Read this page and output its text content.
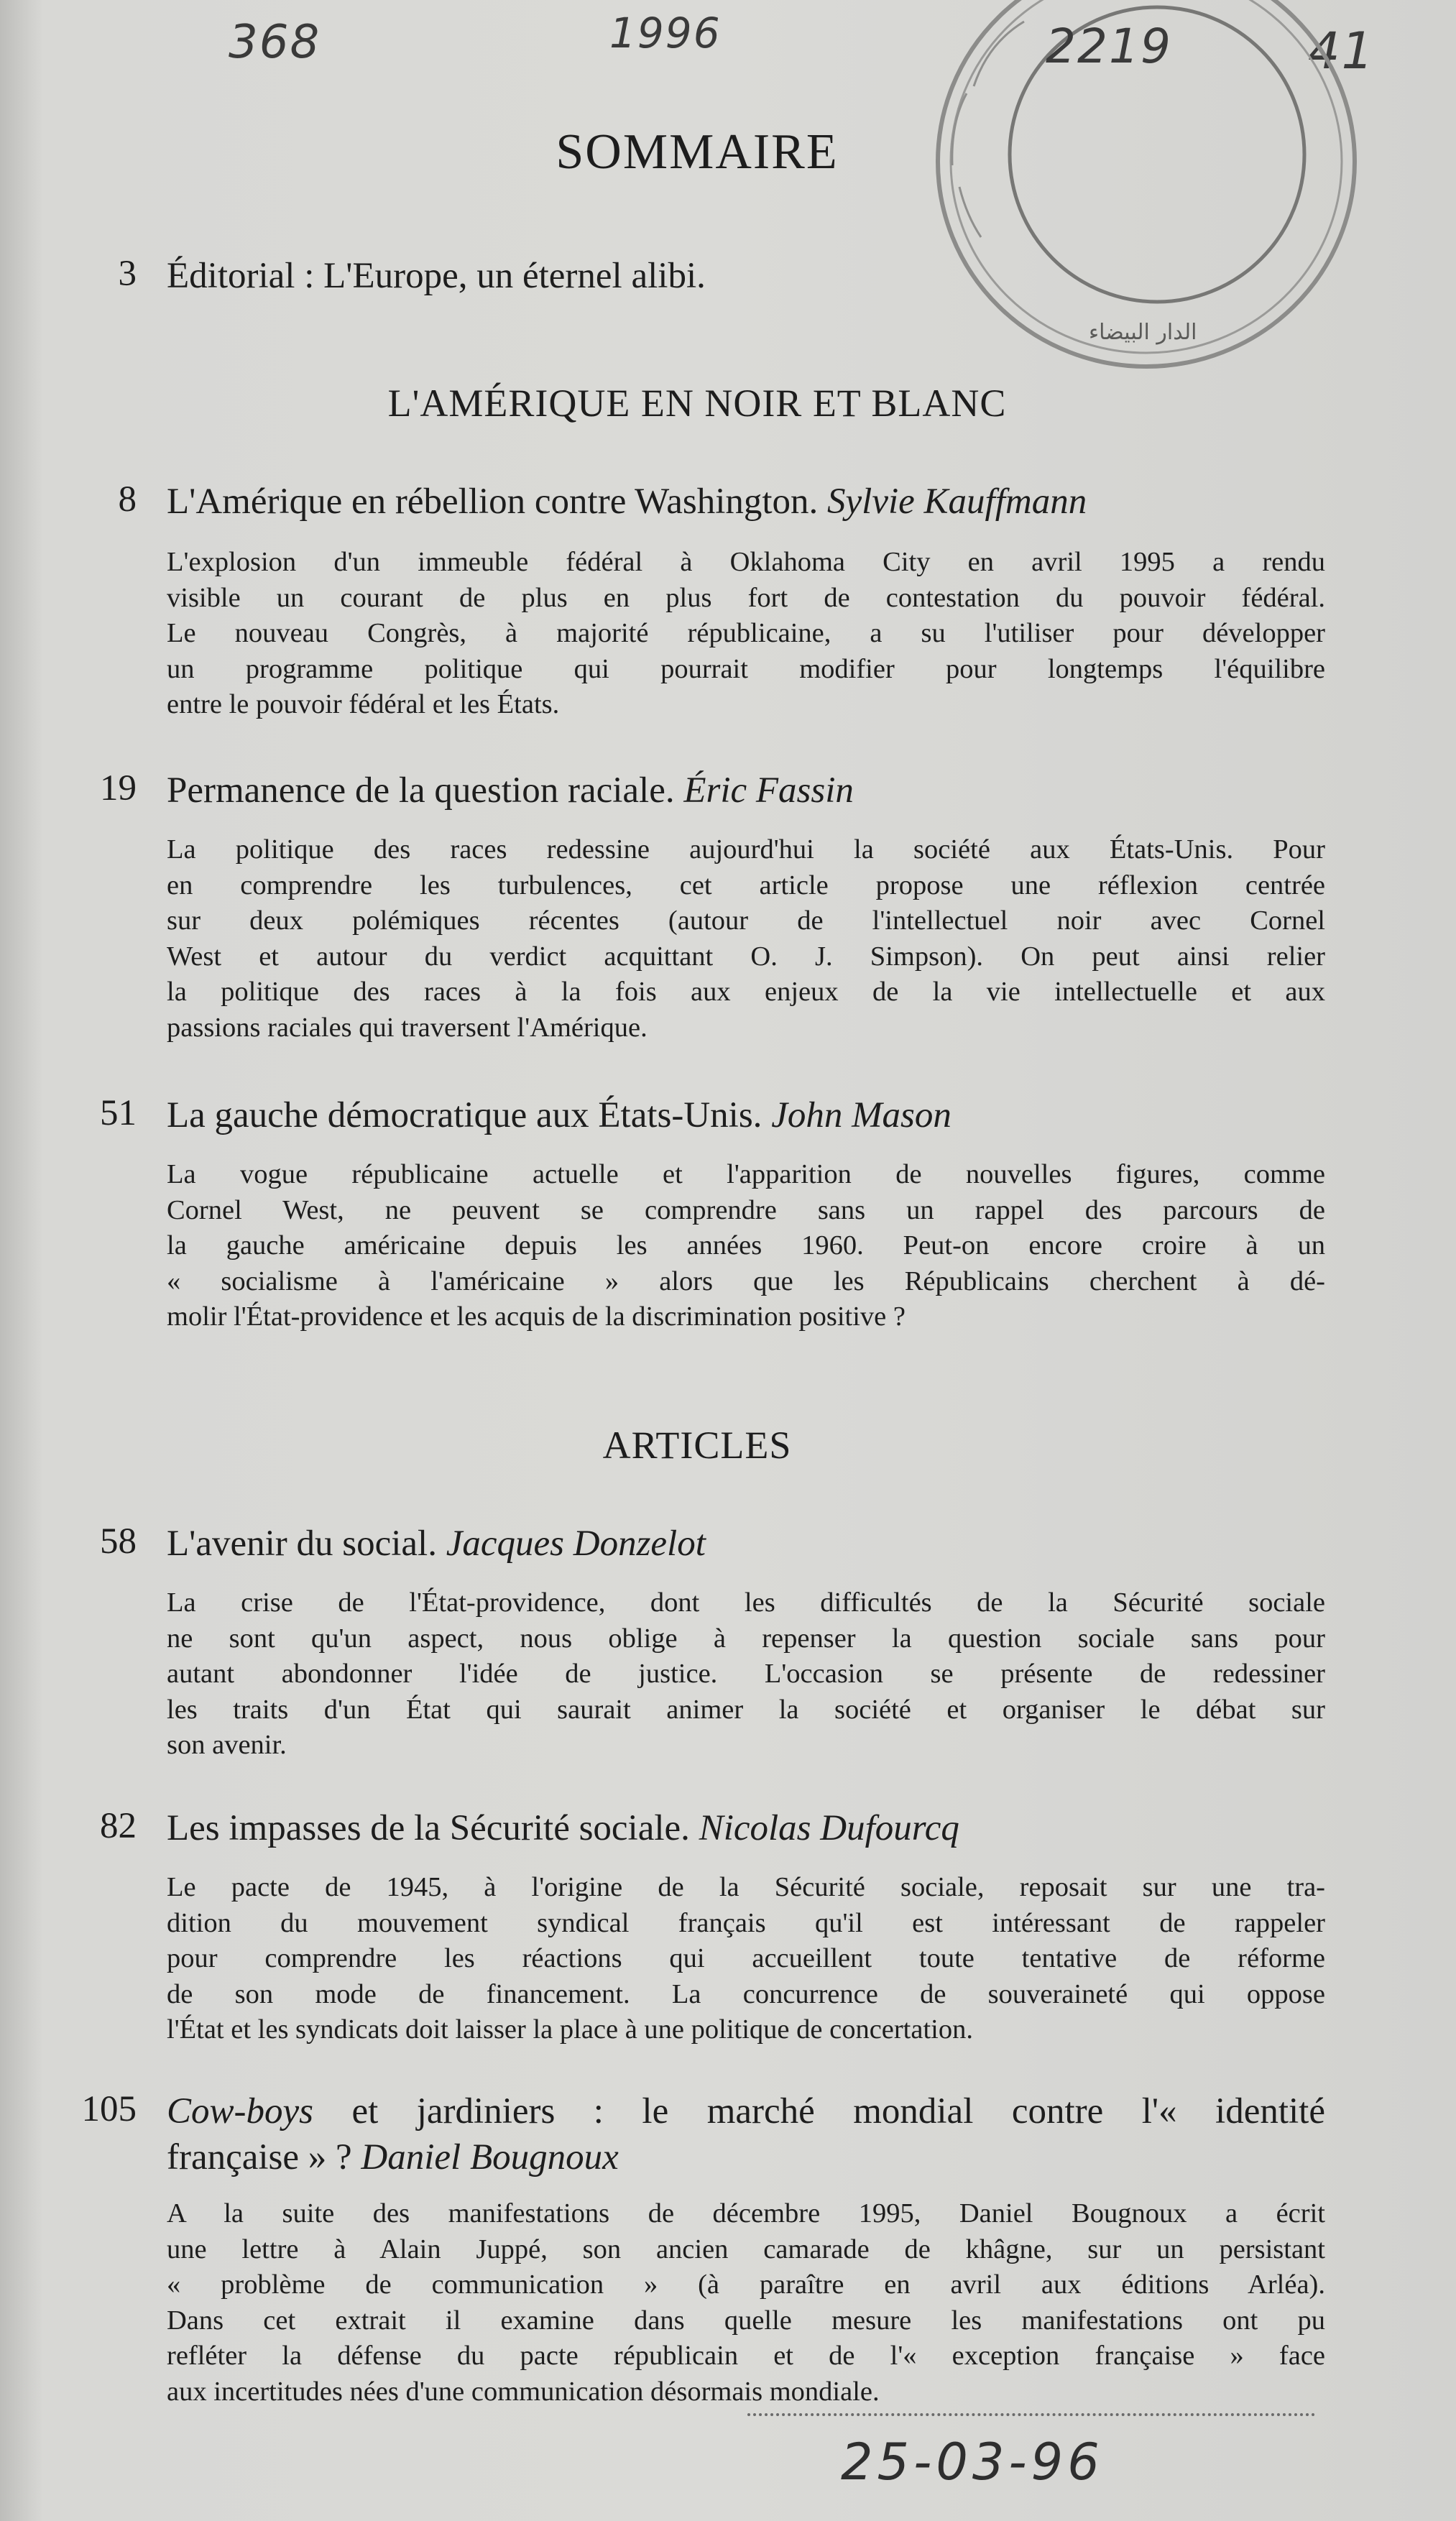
368	1996	41
2219
الدار البيضاء
SOMMAIRE
3 Éditorial : L'Europe, un éternel alibi.
L'AMÉRIQUE EN NOIR ET BLANC
8 L'Amérique en rébellion contre Washington. Sylvie Kauffmann
L'explosion d'un immeuble fédéral à Oklahoma City en avril 1995 a rendu
visible un courant de plus en plus fort de contestation du pouvoir fédéral.
Le nouveau Congrès, à majorité républicaine, a su l'utiliser pour développer
un programme politique qui pourrait modifier pour longtemps l'équilibre
entre le pouvoir fédéral et les États.
19 Permanence de la question raciale. Éric Fassin
La politique des races redessine aujourd'hui la société aux États-Unis. Pour
en comprendre les turbulences, cet article propose une réflexion centrée
sur deux polémiques récentes (autour de l'intellectuel noir avec Cornel
West et autour du verdict acquittant O. J. Simpson). On peut ainsi relier
la politique des races à la fois aux enjeux de la vie intellectuelle et aux
passions raciales qui traversent l'Amérique.
51 La gauche démocratique aux États-Unis. John Mason
La vogue républicaine actuelle et l'apparition de nouvelles figures, comme
Cornel West, ne peuvent se comprendre sans un rappel des parcours de
la gauche américaine depuis les années 1960. Peut-on encore croire à un
« socialisme à l'américaine » alors que les Républicains cherchent à dé-
molir l'État-providence et les acquis de la discrimination positive ?
ARTICLES
58 L'avenir du social. Jacques Donzelot
La crise de l'État-providence, dont les difficultés de la Sécurité sociale
ne sont qu'un aspect, nous oblige à repenser la question sociale sans pour
autant abondonner l'idée de justice. L'occasion se présente de redessiner
les traits d'un État qui saurait animer la société et organiser le débat sur
son avenir.
82 Les impasses de la Sécurité sociale. Nicolas Dufourcq
Le pacte de 1945, à l'origine de la Sécurité sociale, reposait sur une tra-
dition du mouvement syndical français qu'il est intéressant de rappeler
pour comprendre les réactions qui accueillent toute tentative de réforme
de son mode de financement. La concurrence de souveraineté qui oppose
l'État et les syndicats doit laisser la place à une politique de concertation.
105 Cow-boys et jardiniers : le marché mondial contre l'« identité
française » ? Daniel Bougnoux
A la suite des manifestations de décembre 1995, Daniel Bougnoux a écrit
une lettre à Alain Juppé, son ancien camarade de khâgne, sur un persistant
« problème de communication » (à paraître en avril aux éditions Arléa).
Dans cet extrait il examine dans quelle mesure les manifestations ont pu
refléter la défense du pacte républicain et de l'« exception française » face
aux incertitudes nées d'une communication désormais mondiale.
25-03-96
